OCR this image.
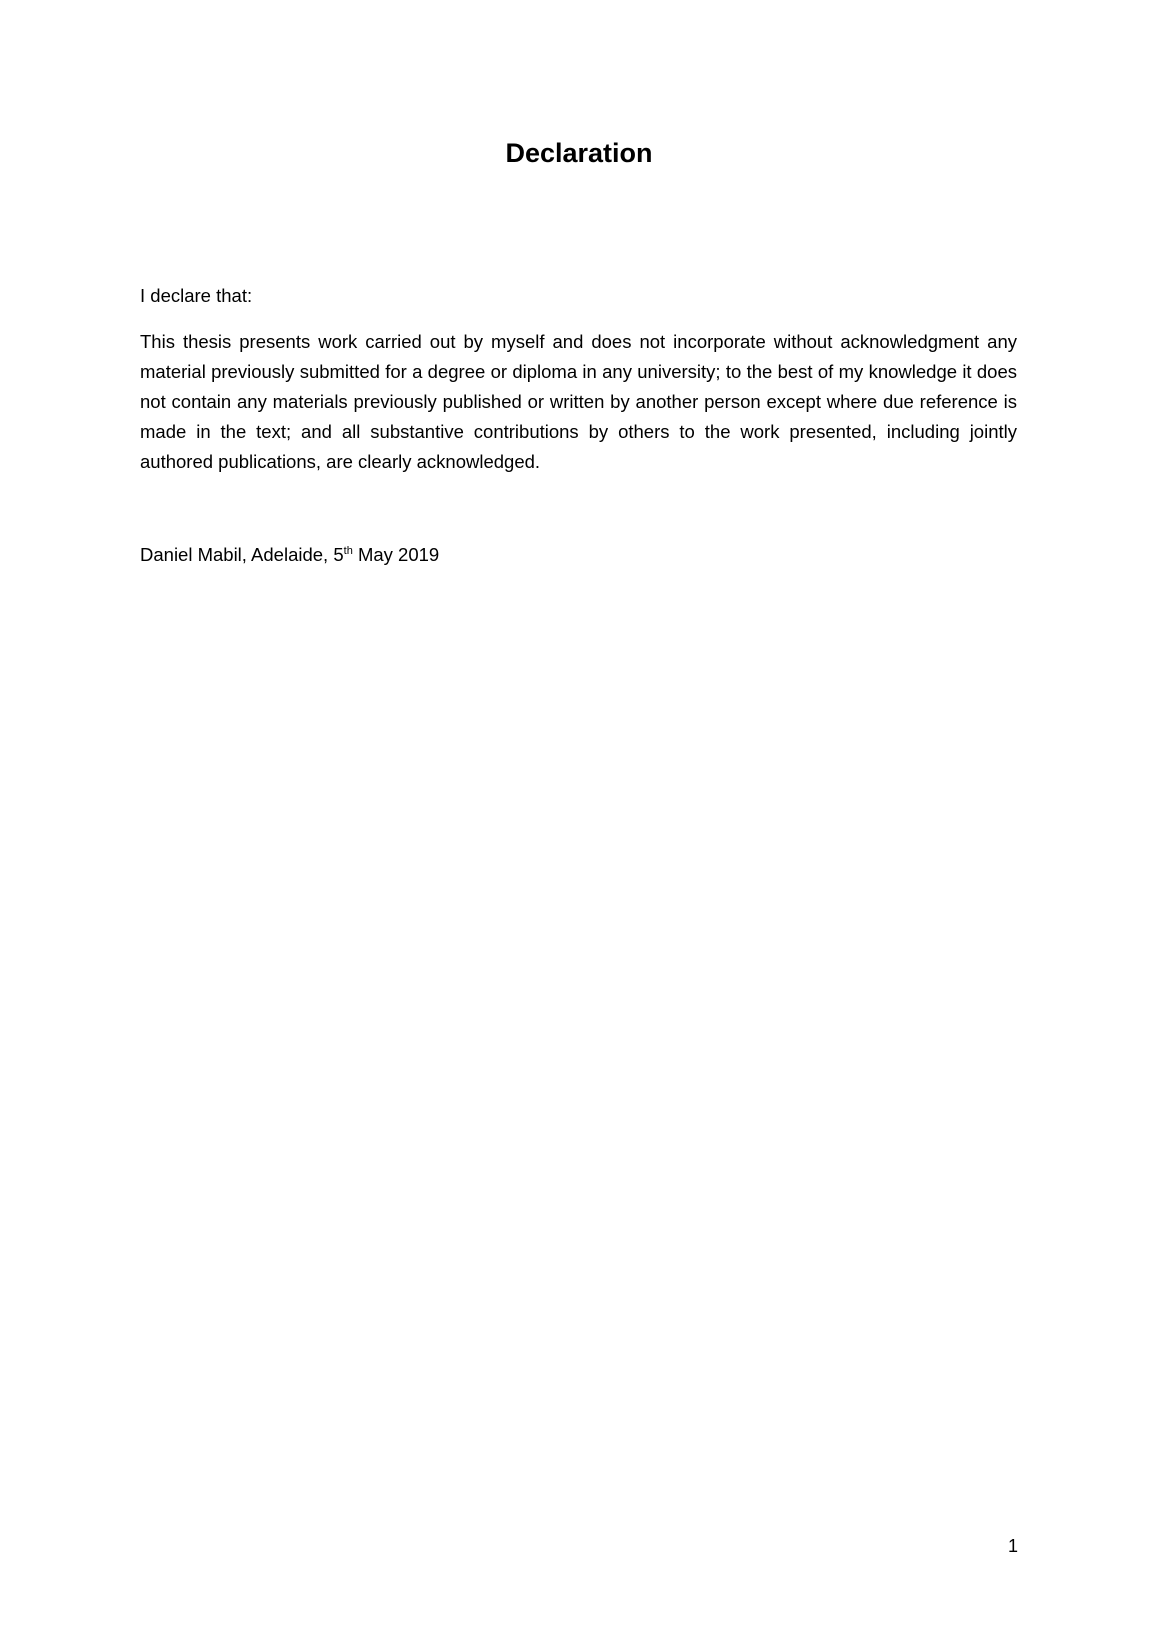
Declaration

I declare that:

This thesis presents work carried out by myself and does not incorporate without acknowledgment any material previously submitted for a degree or diploma in any university; to the best of my knowledge it does not contain any materials previously published or written by another person except where due reference is made in the text; and all substantive contributions by others to the work presented, including jointly authored publications, are clearly acknowledged.

Daniel Mabil, Adelaide, 5th May 2019

1
